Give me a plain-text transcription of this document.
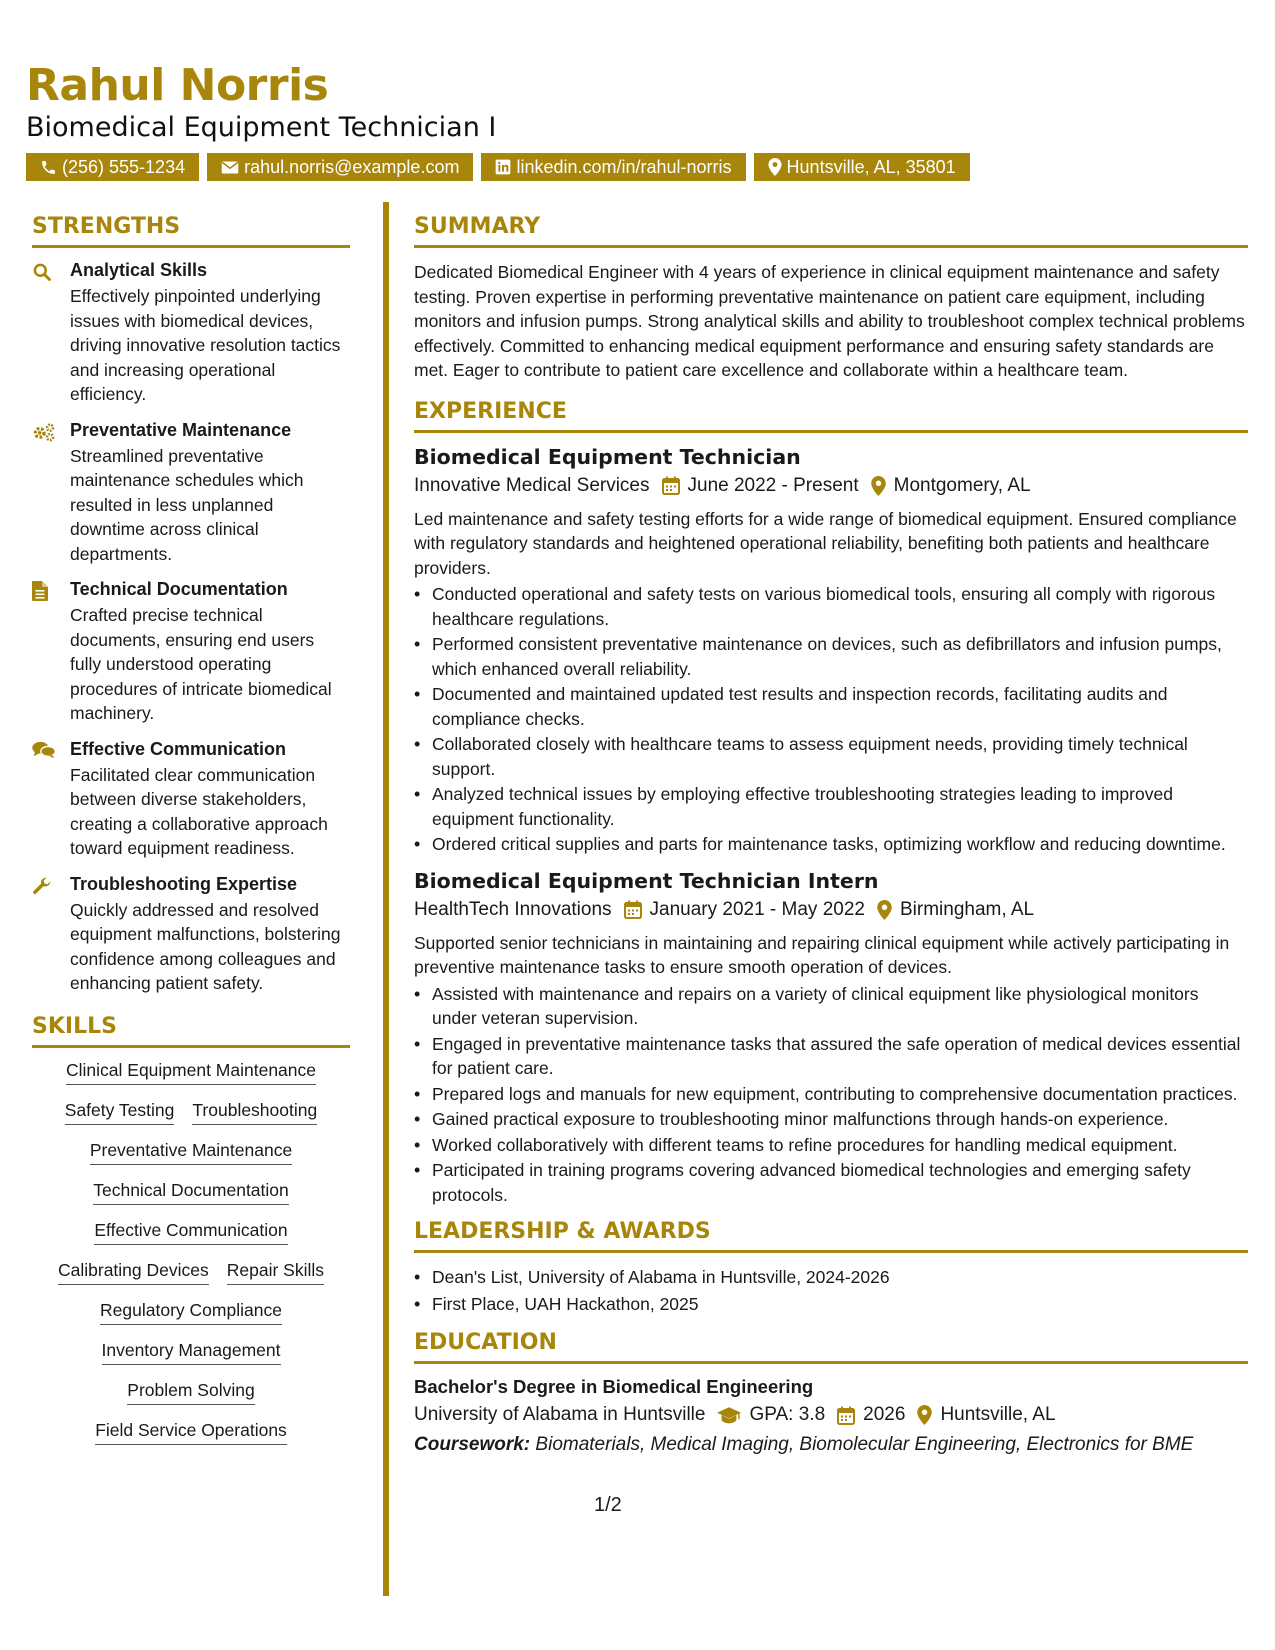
Rahul Norris
Biomedical Equipment Technician I
(256) 555-1234	rahul.norris@example.com	linkedin.com/in/rahul-norris	Huntsville, AL, 35801
STRENGTHS
Analytical Skills
Effectively pinpointed underlying issues with biomedical devices, driving innovative resolution tactics and increasing operational efficiency.
Preventative Maintenance
Streamlined preventative maintenance schedules which resulted in less unplanned downtime across clinical departments.
Technical Documentation
Crafted precise technical documents, ensuring end users fully understood operating procedures of intricate biomedical machinery.
Effective Communication
Facilitated clear communication between diverse stakeholders, creating a collaborative approach toward equipment readiness.
Troubleshooting Expertise
Quickly addressed and resolved equipment malfunctions, bolstering confidence among colleagues and enhancing patient safety.
SKILLS
Clinical Equipment Maintenance
Safety Testing Troubleshooting
Preventative Maintenance
Technical Documentation
Effective Communication
Calibrating Devices Repair Skills
Regulatory Compliance
Inventory Management
Problem Solving
Field Service Operations
SUMMARY
Dedicated Biomedical Engineer with 4 years of experience in clinical equipment maintenance and safety testing. Proven expertise in performing preventative maintenance on patient care equipment, including monitors and infusion pumps. Strong analytical skills and ability to troubleshoot complex technical problems effectively. Committed to enhancing medical equipment performance and ensuring safety standards are met. Eager to contribute to patient care excellence and collaborate within a healthcare team.
EXPERIENCE
Biomedical Equipment Technician
Innovative Medical Services June 2022 - Present Montgomery, AL
Led maintenance and safety testing efforts for a wide range of biomedical equipment. Ensured compliance with regulatory standards and heightened operational reliability, benefiting both patients and healthcare providers.
• Conducted operational and safety tests on various biomedical tools, ensuring all comply with rigorous healthcare regulations.
• Performed consistent preventative maintenance on devices, such as defibrillators and infusion pumps, which enhanced overall reliability.
• Documented and maintained updated test results and inspection records, facilitating audits and compliance checks.
• Collaborated closely with healthcare teams to assess equipment needs, providing timely technical support.
• Analyzed technical issues by employing effective troubleshooting strategies leading to improved equipment functionality.
• Ordered critical supplies and parts for maintenance tasks, optimizing workflow and reducing downtime.
Biomedical Equipment Technician Intern
HealthTech Innovations January 2021 - May 2022 Birmingham, AL
Supported senior technicians in maintaining and repairing clinical equipment while actively participating in preventive maintenance tasks to ensure smooth operation of devices.
• Assisted with maintenance and repairs on a variety of clinical equipment like physiological monitors under veteran supervision.
• Engaged in preventative maintenance tasks that assured the safe operation of medical devices essential for patient care.
• Prepared logs and manuals for new equipment, contributing to comprehensive documentation practices.
• Gained practical exposure to troubleshooting minor malfunctions through hands-on experience.
• Worked collaboratively with different teams to refine procedures for handling medical equipment.
• Participated in training programs covering advanced biomedical technologies and emerging safety protocols.
LEADERSHIP & AWARDS
• Dean's List, University of Alabama in Huntsville, 2024-2026
• First Place, UAH Hackathon, 2025
EDUCATION
Bachelor's Degree in Biomedical Engineering
University of Alabama in Huntsville GPA: 3.8 2026 Huntsville, AL
Coursework: Biomaterials, Medical Imaging, Biomolecular Engineering, Electronics for BME
1/2
